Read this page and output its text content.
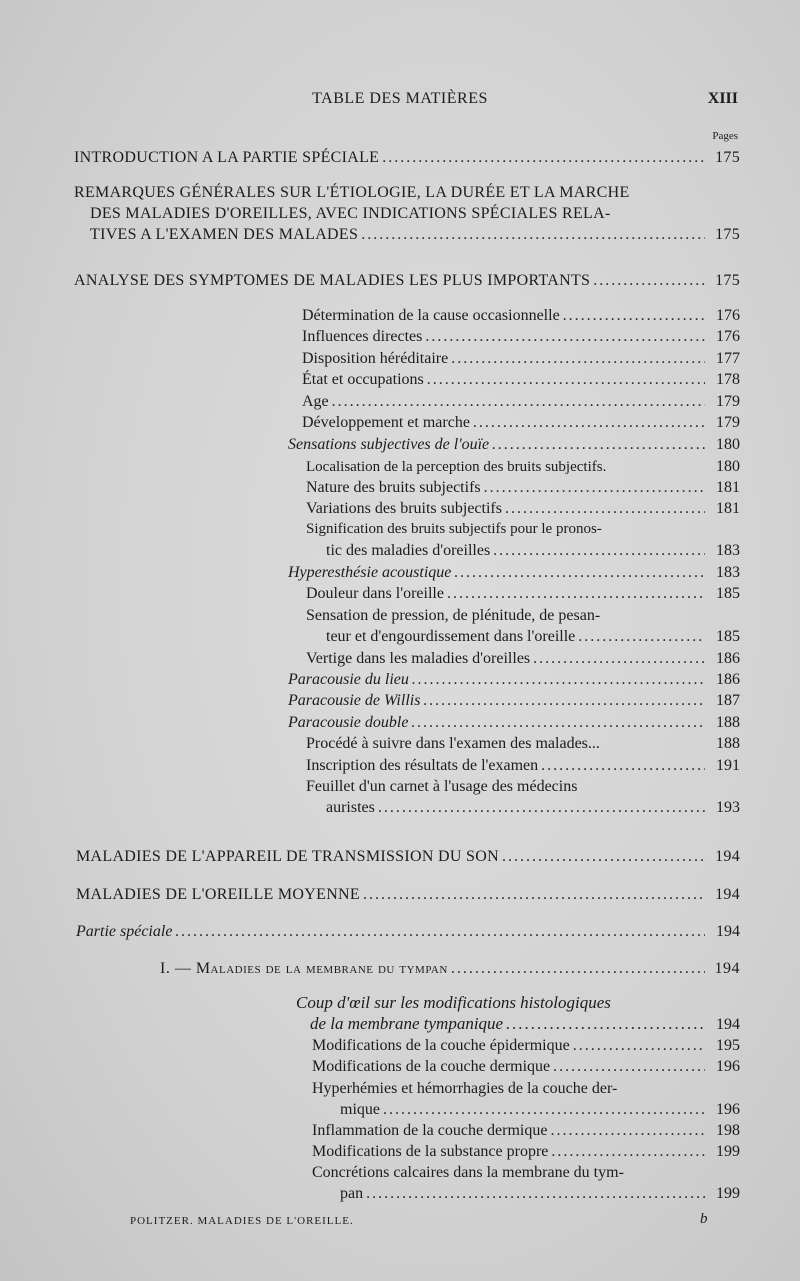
TABLE DES MATIÈRES	XIII
Pages
INTRODUCTION A LA PARTIE SPÉCIALE .....	175
REMARQUES GÉNÉRALES SUR L'ÉTIOLOGIE, LA DURÉE ET LA MARCHE
DES MALADIES D'OREILLES, AVEC INDICATIONS SPÉCIALES RELA-
TIVES A L'EXAMEN DES MALADES .....	175
ANALYSE DES SYMPTOMES DE MALADIES LES PLUS IMPORTANTS .....	175
Détermination de la cause occasionnelle .....	176
Influences directes .....	176
Disposition héréditaire .....	177
État et occupations .....	178
Age .....	179
Développement et marche .....	179
Sensations subjectives de l'ouïe .....	180
Localisation de la perception des bruits subjectifs.	180
Nature des bruits subjectifs .....	181
Variations des bruits subjectifs .....	181
Signification des bruits subjectifs pour le pronos-
tic des maladies d'oreilles .....	183
Hyperesthésie acoustique .....	183
Douleur dans l'oreille .....	185
Sensation de pression, de plénitude, de pesan-
teur et d'engourdissement dans l'oreille .....	185
Vertige dans les maladies d'oreilles .....	186
Paracousie du lieu .....	186
Paracousie de Willis .....	187
Paracousie double .....	188
Procédé à suivre dans l'examen des malades...	188
Inscription des résultats de l'examen .....	191
Feuillet d'un carnet à l'usage des médecins
auristes .....	193
MALADIES DE L'APPAREIL DE TRANSMISSION DU SON .....	194
MALADIES DE L'OREILLE MOYENNE .....	194
Partie spéciale .....	194
I. — Maladies de la membrane du tympan .....	194
Coup d'œil sur les modifications histologiques
de la membrane tympanique .....	194
Modifications de la couche épidermique .....	195
Modifications de la couche dermique .....	196
Hyperhémies et hémorrhagies de la couche der-
mique .....	196
Inflammation de la couche dermique .....	198
Modifications de la substance propre .....	199
Concrétions calcaires dans la membrane du tym-
pan .....	199
POLITZER. MALADIES DE L'OREILLE.	b
